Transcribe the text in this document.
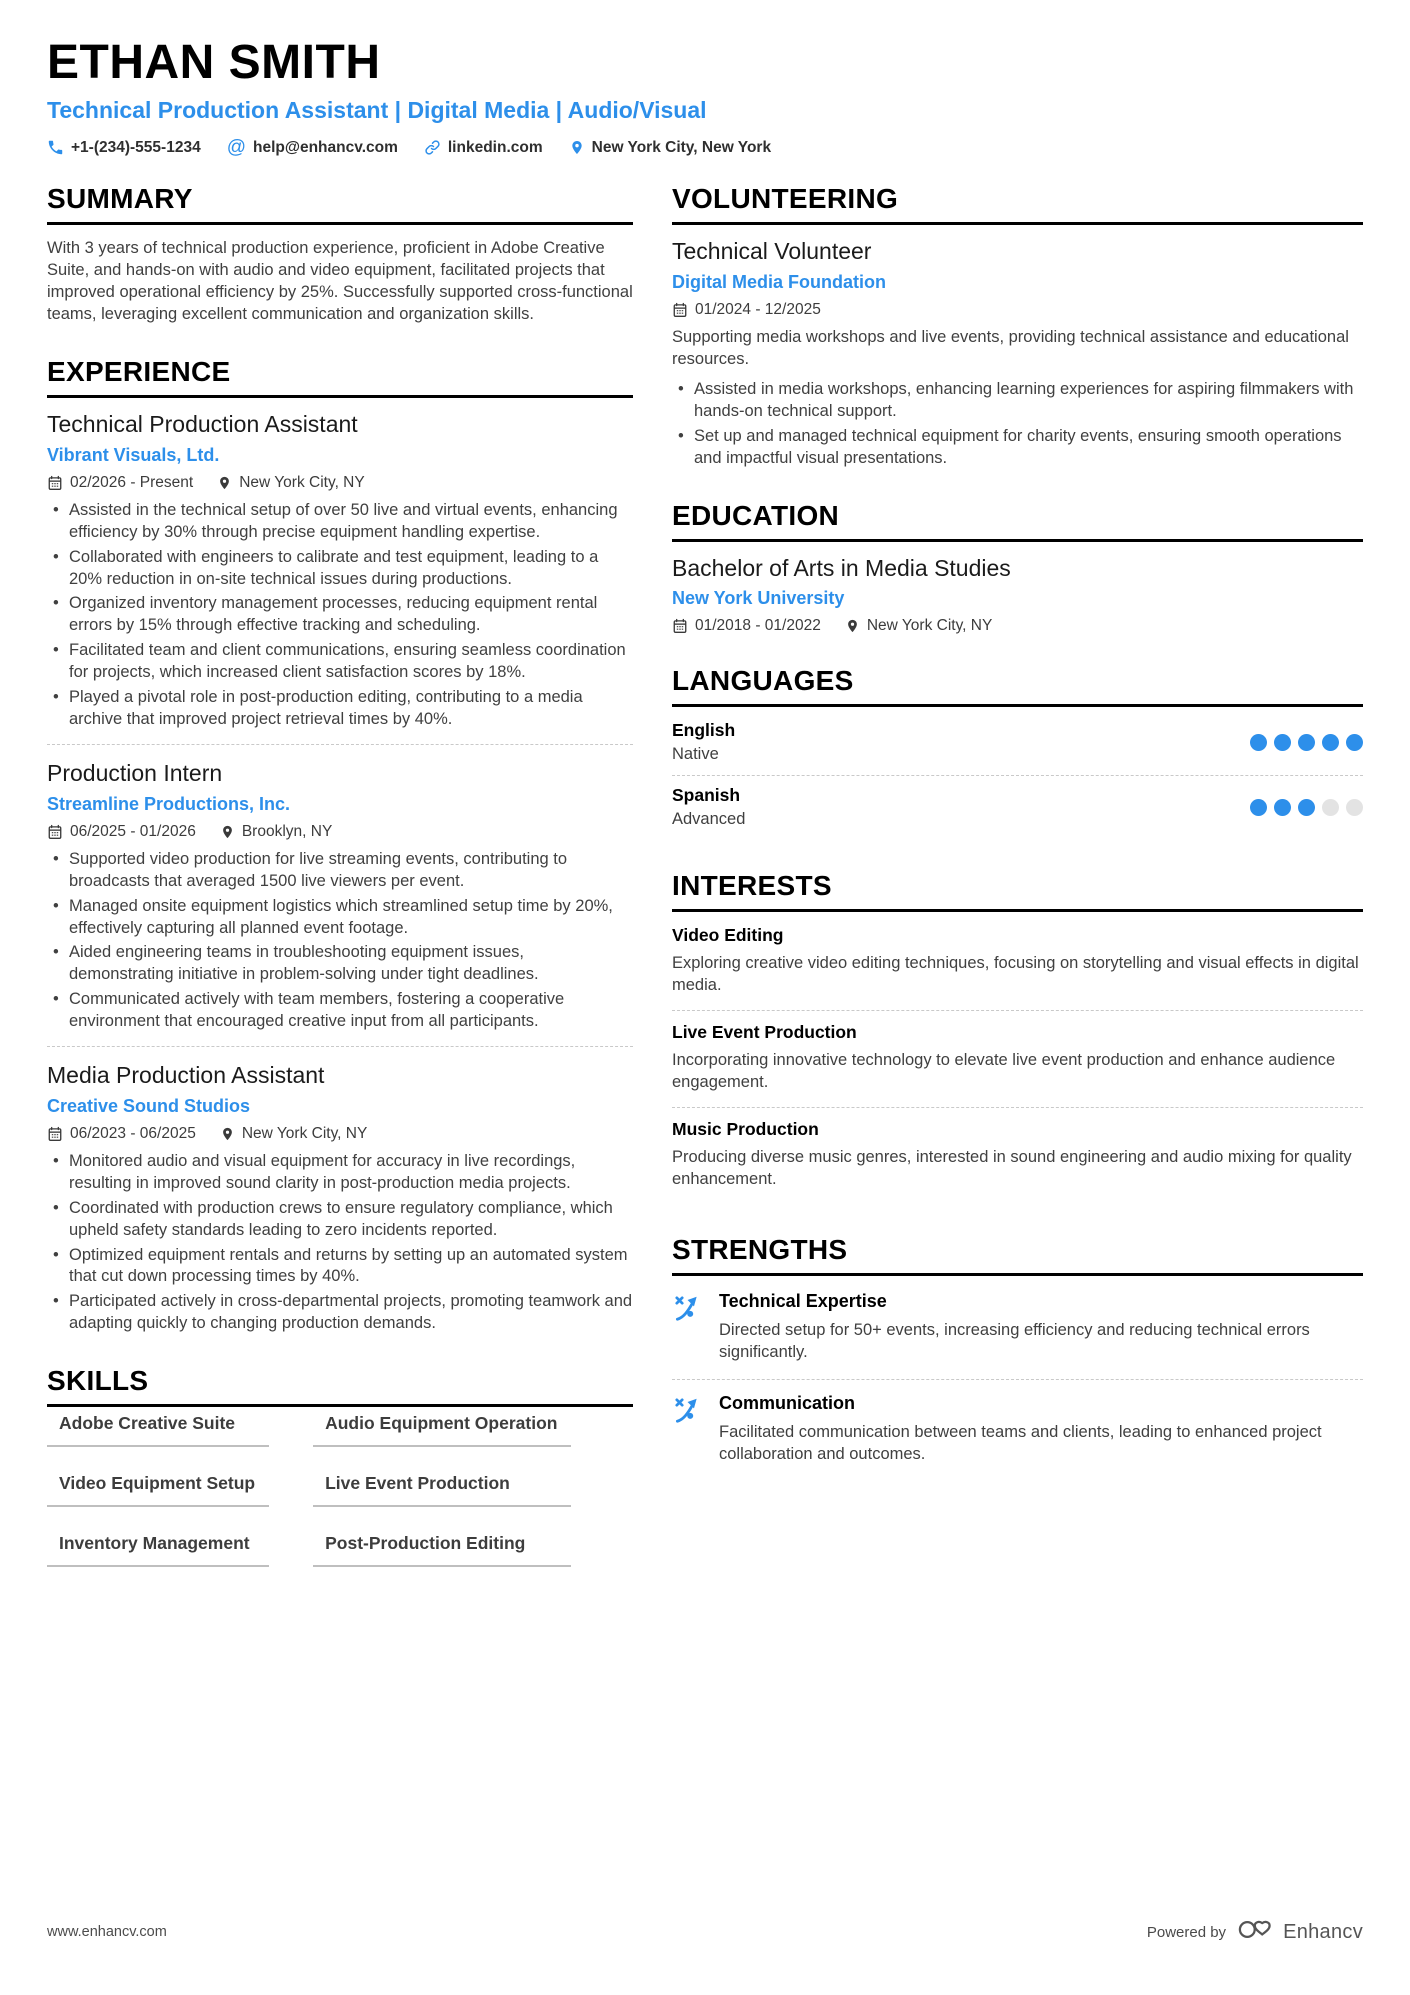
ETHAN SMITH
Technical Production Assistant | Digital Media | Audio/Visual
+1-(234)-555-1234 @ help@enhancv.com	linkedin.com	New York City, New York
SUMMARY

With 3 years of technical production experience, proficient in Adobe Creative Suite, and hands-on with audio and video equipment, facilitated projects that improved operational efficiency by 25%. Successfully supported cross-functional teams, leveraging excellent communication and organization skills.

EXPERIENCE
Technical Production Assistant
Vibrant Visuals, Ltd.
02/2026 - Present	New York City, NY
• Assisted in the technical setup of over 50 live and virtual events, enhancing efficiency by 30% through precise equipment handling expertise.
• Collaborated with engineers to calibrate and test equipment, leading to a 20% reduction in on-site technical issues during productions.
• Organized inventory management processes, reducing equipment rental errors by 15% through effective tracking and scheduling.
• Facilitated team and client communications, ensuring seamless coordination for projects, which increased client satisfaction scores by 18%.
• Played a pivotal role in post-production editing, contributing to a media archive that improved project retrieval times by 40%.
Production Intern
Streamline Productions, Inc.
06/2025 - 01/2026	Brooklyn, NY
• Supported video production for live streaming events, contributing to broadcasts that averaged 1500 live viewers per event.
• Managed onsite equipment logistics which streamlined setup time by 20%, effectively capturing all planned event footage.
• Aided engineering teams in troubleshooting equipment issues, demonstrating initiative in problem-solving under tight deadlines.
• Communicated actively with team members, fostering a cooperative environment that encouraged creative input from all participants.
Media Production Assistant
Creative Sound Studios
06/2023 - 06/2025	New York City, NY
• Monitored audio and visual equipment for accuracy in live recordings, resulting in improved sound clarity in post-production media projects.
• Coordinated with production crews to ensure regulatory compliance, which upheld safety standards leading to zero incidents reported.
• Optimized equipment rentals and returns by setting up an automated system that cut down processing times by 40%.
• Participated actively in cross-departmental projects, promoting teamwork and adapting quickly to changing production demands.
SKILLS
Adobe Creative Suite	Audio Equipment Operation
Video Equipment Setup	Live Event Production
Inventory Management	Post-Production Editing
VOLUNTEERING
Technical Volunteer
Digital Media Foundation
01/2024 - 12/2025

Supporting media workshops and live events, providing technical assistance and educational resources.

• Assisted in media workshops, enhancing learning experiences for aspiring filmmakers with hands-on technical support.
• Set up and managed technical equipment for charity events, ensuring smooth operations and impactful visual presentations.
EDUCATION
Bachelor of Arts in Media Studies
New York University
01/2018 - 01/2022	New York City, NY
LANGUAGES
English
Native
Spanish
Advanced
INTERESTS
Video Editing

Exploring creative video editing techniques, focusing on storytelling and visual effects in digital media.

Live Event Production

Incorporating innovative technology to elevate live event production and enhance audience engagement.

Music Production

Producing diverse music genres, interested in sound engineering and audio mixing for quality enhancement.

STRENGTHS
Technical Expertise

Directed setup for 50+ events, increasing efficiency and reducing technical errors significantly.

Communication

Facilitated communication between teams and clients, leading to enhanced project collaboration and outcomes.

www.enhancv.com	Powered by	Enhancv
